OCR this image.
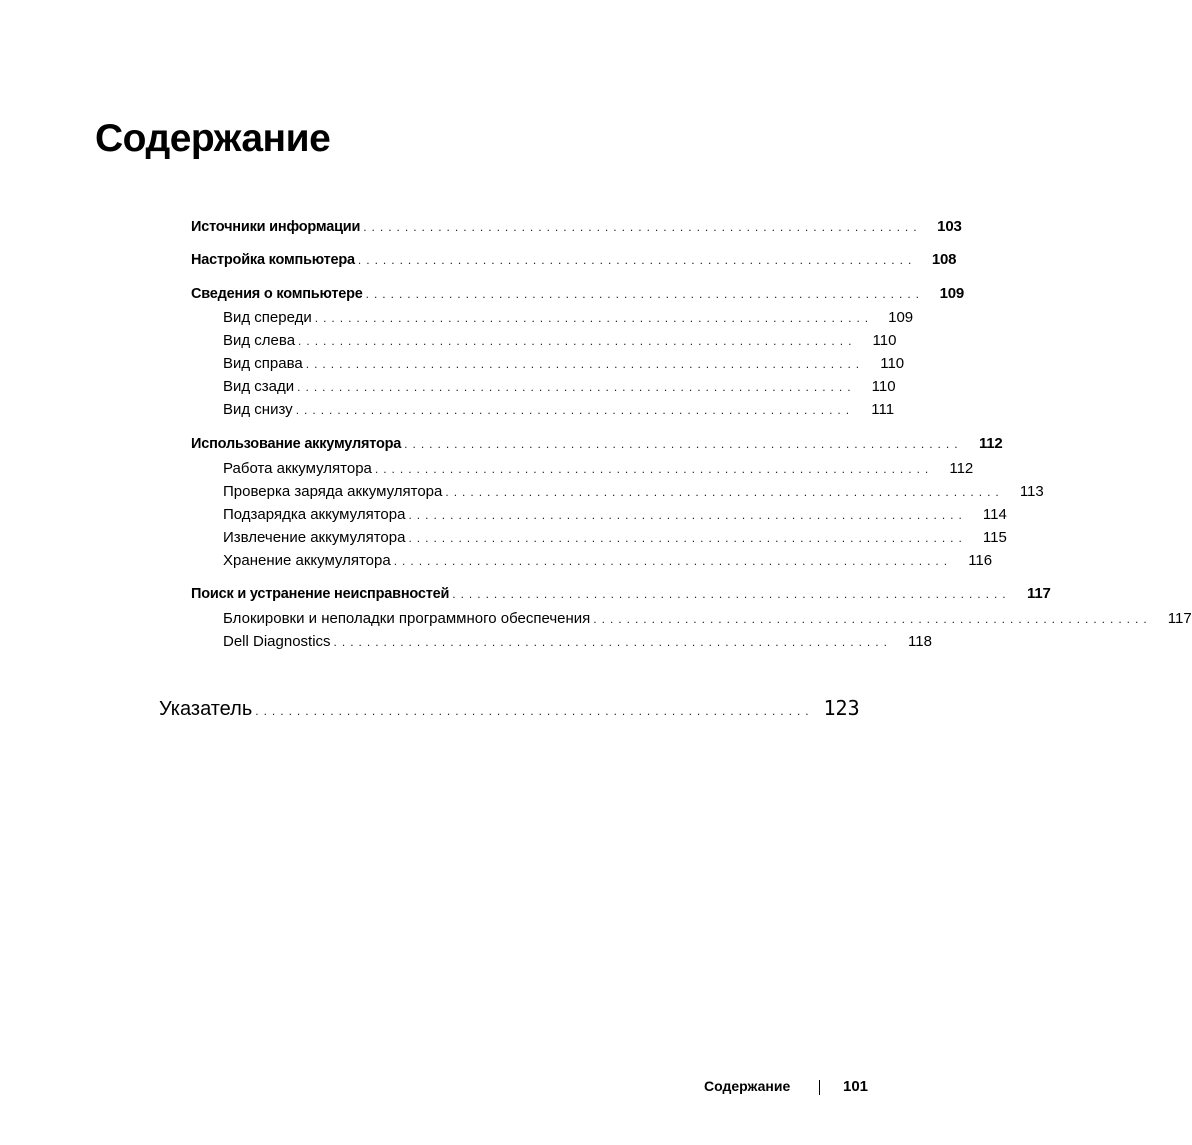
Содержание
Источники информации ...................................................................	103
Настройка компьютера ...................................................................	108
Сведения о компьютере ...................................................................	109
Вид спереди ................................................................... 109
Вид слева ...................................................................	110
Вид справа ...................................................................	110
Вид сзади ...................................................................	110
Вид снизу ...................................................................	111
Использование аккумулятора ...................................................................	112
Работа аккумулятора ...................................................................	112
Проверка заряда аккумулятора ...................................................................	113
Подзарядка аккумулятора ...................................................................	114
Извлечение аккумулятора ...................................................................	115
Хранение аккумулятора ...................................................................	116
Поиск и устранение неисправностей ...................................................................	117
Блокировки и неполадки программного обеспечения ...................................................................	117
Dell Diagnostics ...................................................................	118
Указатель ................................................................... 123
Содержание	101
